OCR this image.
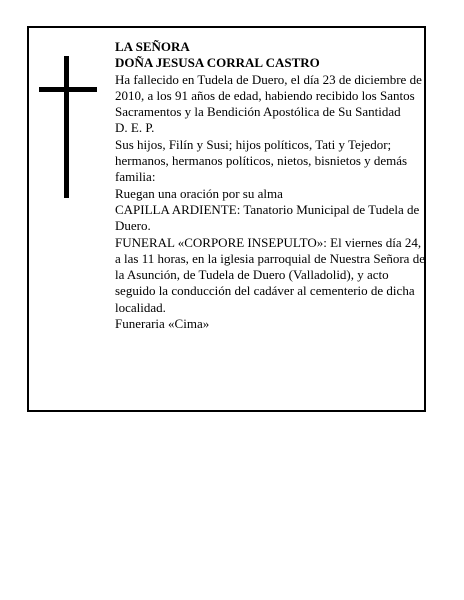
LA SEÑORA

DOÑA JESUSA CORRAL CASTRO

Ha fallecido en Tudela de Duero, el día 23 de diciembre de 2010, a los 91 años de edad, habiendo recibido los Santos Sacramentos y la Bendición Apostólica de Su Santidad

D. E. P.

Sus hijos, Filín y Susi; hijos políticos, Tati y Tejedor; hermanos, hermanos políticos, nietos, bisnietos y demás familia:

Ruegan una oración por su alma

CAPILLA ARDIENTE: Tanatorio Municipal de Tudela de Duero.

FUNERAL «CORPORE INSEPULTO»: El viernes día 24, a las 11 horas, en la iglesia parroquial de Nuestra Señora de la Asunción, de Tudela de Duero (Valladolid), y acto seguido la conducción del cadáver al cementerio de dicha localidad.

Funeraria «Cima»
